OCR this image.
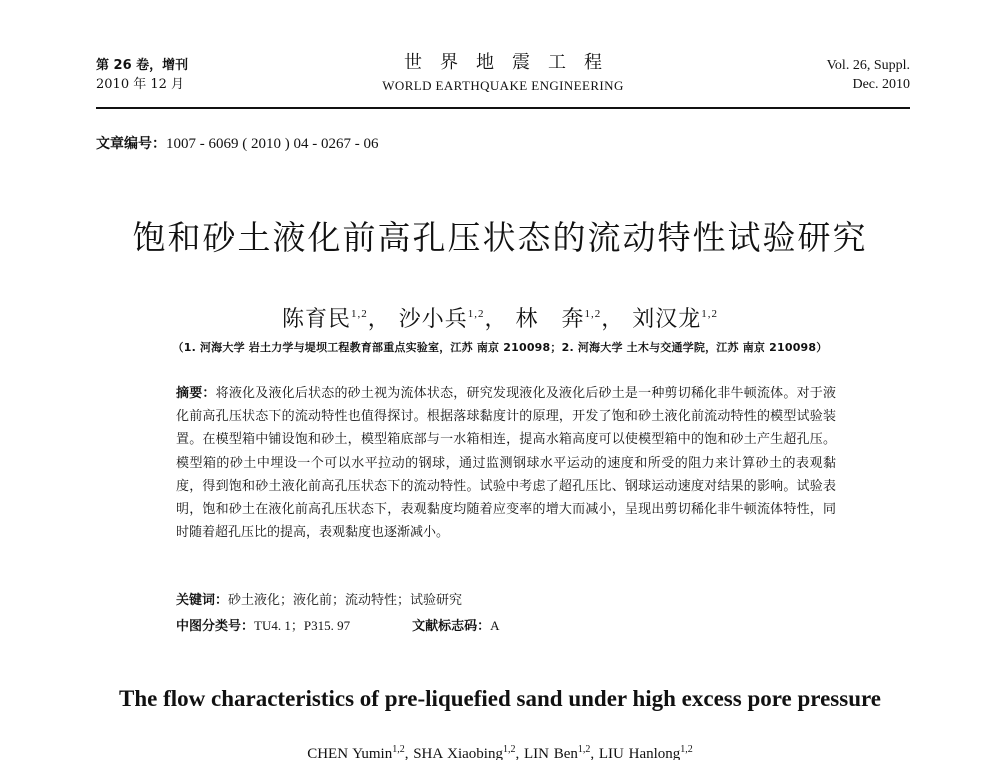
第 26 卷，增刊
2010 年 12 月
世界地震工程
WORLD EARTHQUAKE ENGINEERING
Vol. 26, Suppl.
Dec. 2010
文章编号：1007 - 6069 ( 2010 ) 04 - 0267 - 06
饱和砂土液化前高孔压状态的流动特性试验研究
陈育民$^{1,2}$， 沙小兵$^{1,2}$， 林　奔$^{1,2}$， 刘汉龙$^{1,2}$
（1. 河海大学 岩土力学与堤坝工程教育部重点实验室，江苏 南京 210098；2. 河海大学 土木与交通学院，江苏 南京 210098）
摘要：将液化及液化后状态的砂土视为流体状态，研究发现液化及液化后砂土是一种剪切稀化非牛顿流体。对于液化前高孔压状态下的流动特性也值得探讨。根据落球黏度计的原理，开发了饱和砂土液化前流动特性的模型试验装置。在模型箱中铺设饱和砂土，模型箱底部与一水箱相连，提高水箱高度可以使模型箱中的饱和砂土产生超孔压。模型箱的砂土中埋设一个可以水平拉动的钢球，通过监测钢球水平运动的速度和所受的阻力来计算砂土的表观黏度，得到饱和砂土液化前高孔压状态下的流动特性。试验中考虑了超孔压比、钢球运动速度对结果的影响。试验表明，饱和砂土在液化前高孔压状态下，表观黏度均随着应变率的增大而减小，呈现出剪切稀化非牛顿流体特性，同时随着超孔压比的提高，表观黏度也逐渐减小。
关键词：砂土液化；液化前；流动特性；试验研究
中图分类号：TU4. 1；P315. 97	文献标志码：A
The flow characteristics of pre-liquefied sand under high excess pore pressure
CHEN Yumin$^{1,2}$, SHA Xiaobing$^{1,2}$, LIN Ben$^{1,2}$, LIU Hanlong$^{1,2}$
